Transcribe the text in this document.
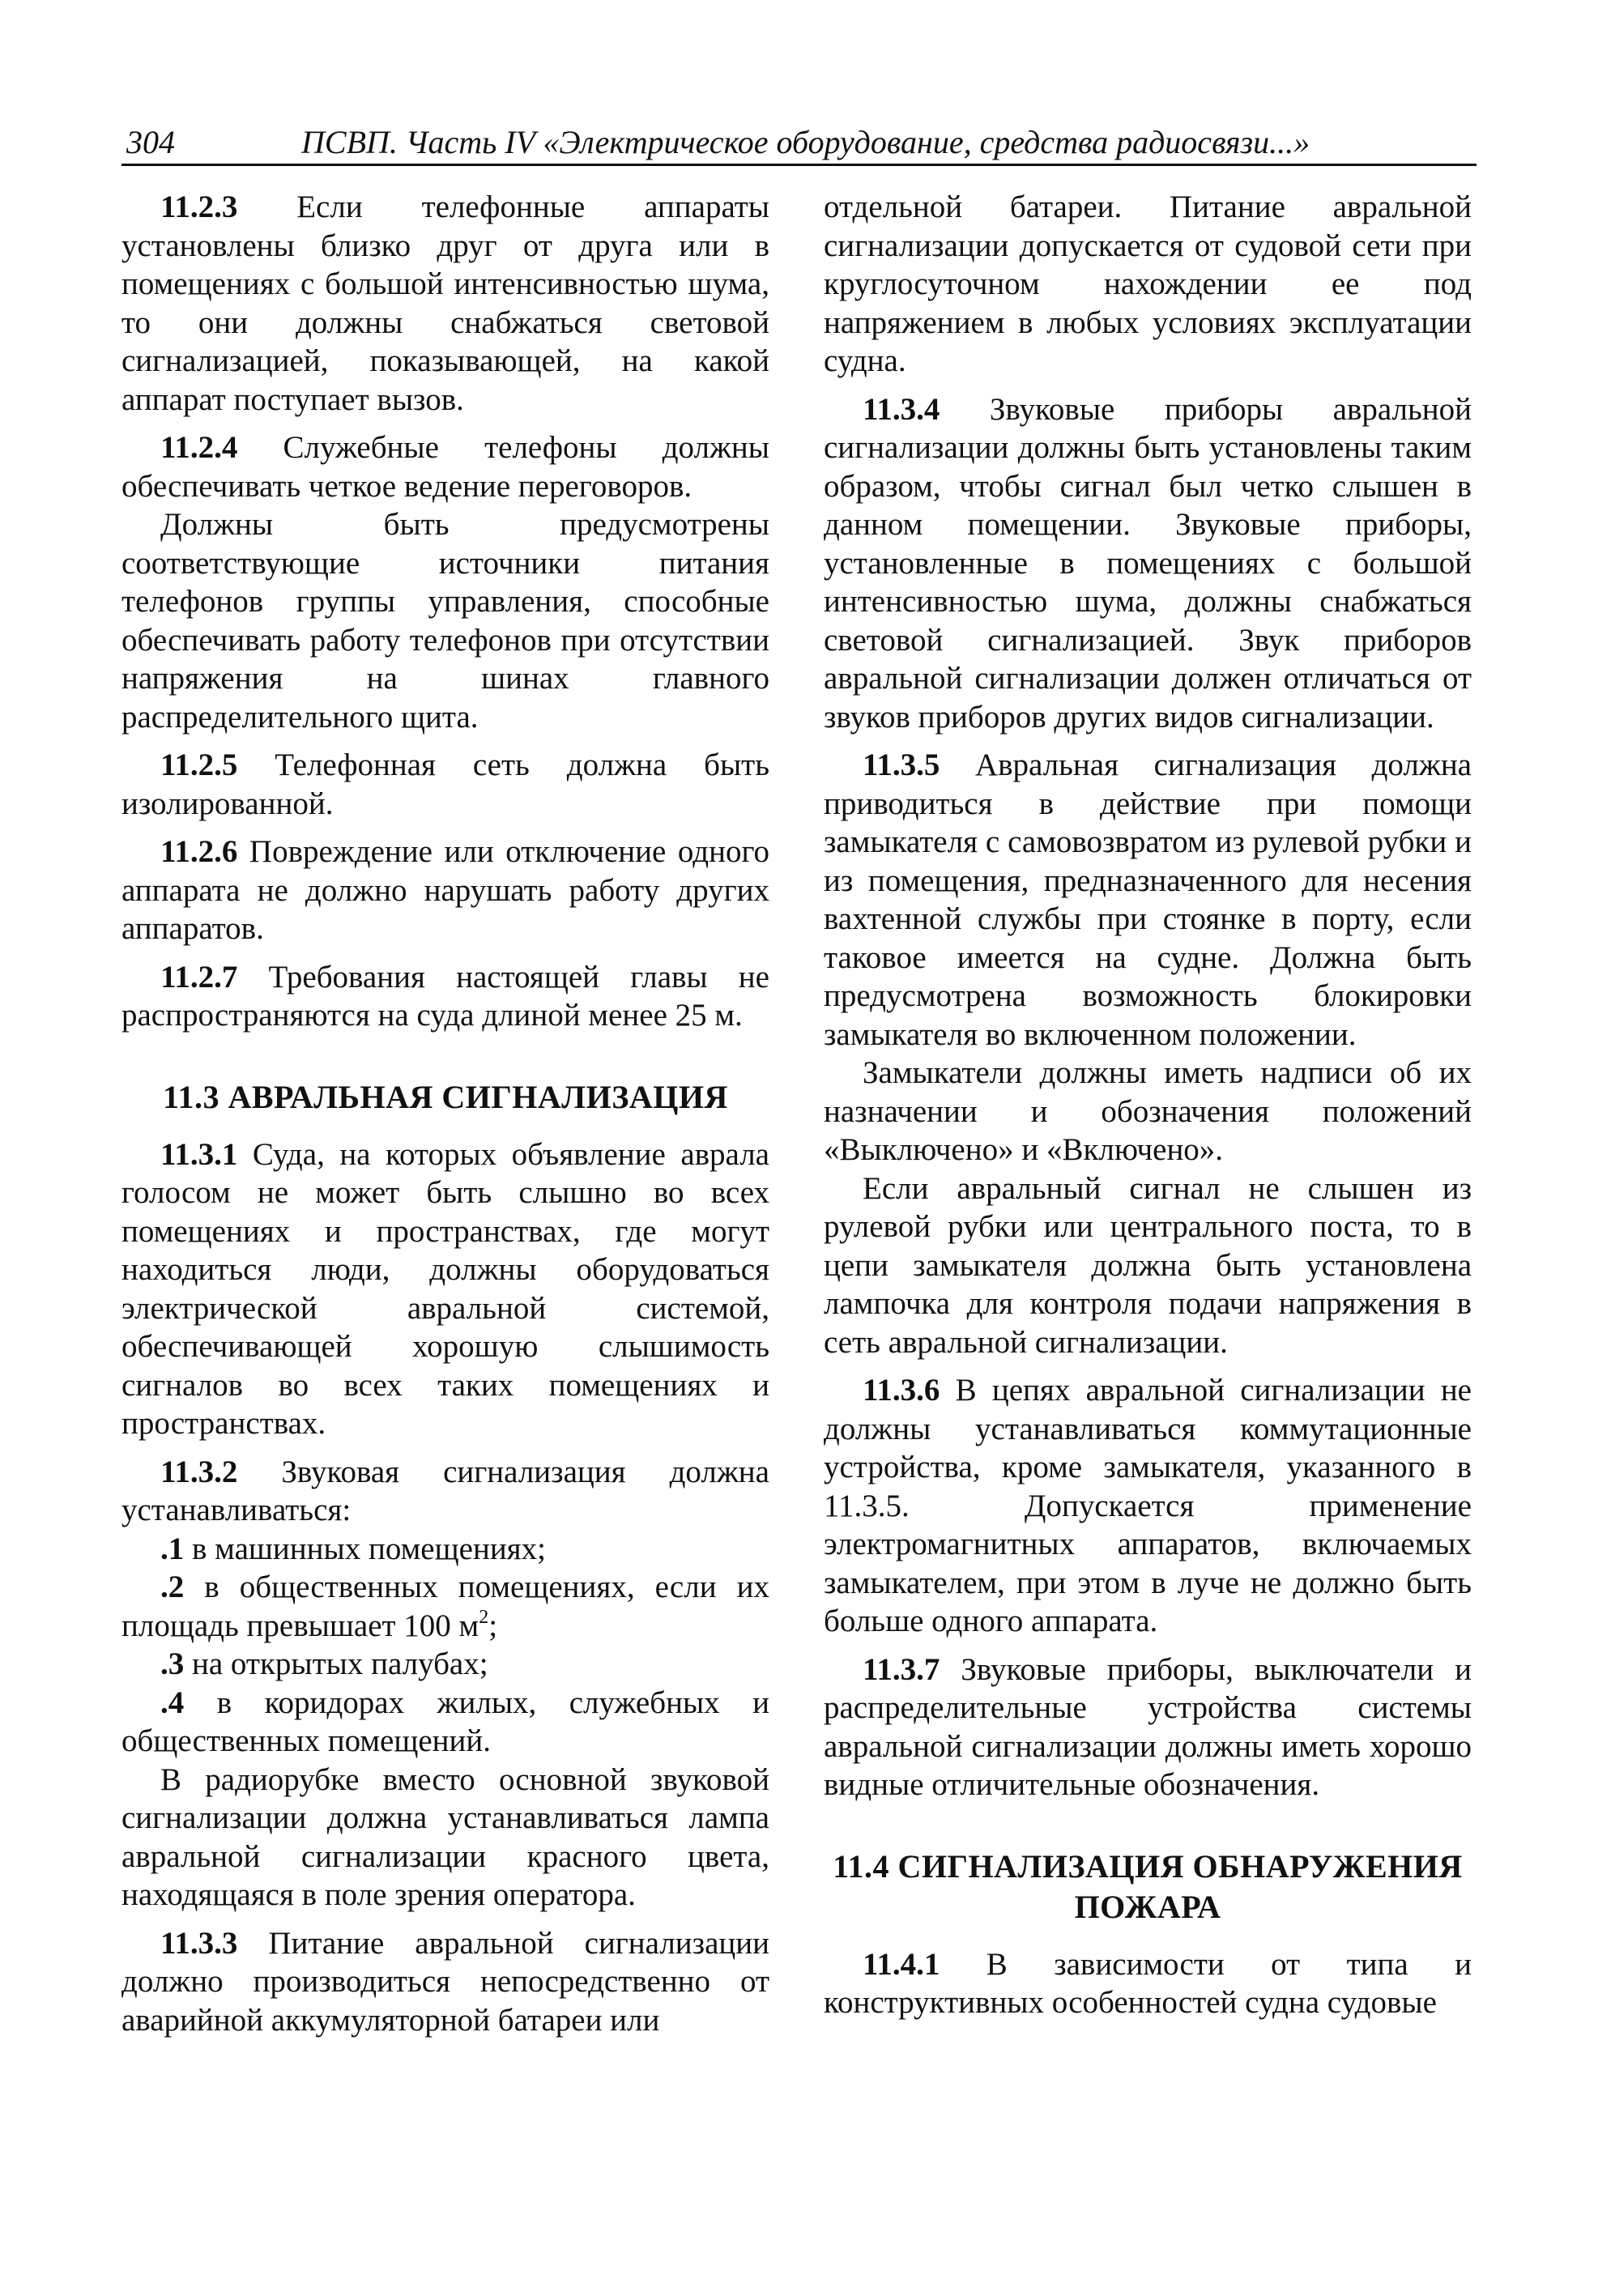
304	ПСВП. Часть IV «Электрическое оборудование, средства радиосвязи...»

11.2.3 Если телефонные аппараты установлены близко друг от друга или в помещениях с большой интенсивностью шума, то они должны снабжаться световой сигнализацией, показывающей, на какой аппарат поступает вызов.

11.2.4 Служебные телефоны должны обеспечивать четкое ведение переговоров.

Должны быть предусмотрены соответствующие источники питания телефонов группы управления, способные обеспечивать работу телефонов при отсутствии напряжения на шинах главного распределительного щита.

11.2.5 Телефонная сеть должна быть изолированной.

11.2.6 Повреждение или отключение одного аппарата не должно нарушать работу других аппаратов.

11.2.7 Требования настоящей главы не распространяются на суда длиной менее 25 м.

11.3 АВРАЛЬНАЯ СИГНАЛИЗАЦИЯ

11.3.1 Суда, на которых объявление аврала голосом не может быть слышно во всех помещениях и пространствах, где могут находиться люди, должны оборудоваться электрической авральной системой, обеспечивающей хорошую слышимость сигналов во всех таких помещениях и пространствах.

11.3.2 Звуковая сигнализация должна устанавливаться:

.1 в машинных помещениях;

.2 в общественных помещениях, если их площадь превышает 100 $м^2$;

.3 на открытых палубах;

.4 в коридорах жилых, служебных и общественных помещений.

В радиорубке вместо основной звуковой сигнализации должна устанавливаться лампа авральной сигнализации красного цвета, находящаяся в поле зрения оператора.

11.3.3 Питание авральной сигнализации должно производиться непосредственно от аварийной аккумуляторной батареи или

отдельной батареи. Питание авральной сигнализации допускается от судовой сети при круглосуточном нахождении ее под напряжением в любых условиях эксплуатации судна.

11.3.4 Звуковые приборы авральной сигнализации должны быть установлены таким образом, чтобы сигнал был четко слышен в данном помещении. Звуковые приборы, установленные в помещениях с большой интенсивностью шума, должны снабжаться световой сигнализацией. Звук приборов авральной сигнализации должен отличаться от звуков приборов других видов сигнализации.

11.3.5 Авральная сигнализация должна приводиться в действие при помощи замыкателя с самовозвратом из рулевой рубки и из помещения, предназначенного для несения вахтенной службы при стоянке в порту, если таковое имеется на судне. Должна быть предусмотрена возможность блокировки замыкателя во включенном положении.

Замыкатели должны иметь надписи об их назначении и обозначения положений «Выключено» и «Включено».

Если авральный сигнал не слышен из рулевой рубки или центрального поста, то в цепи замыкателя должна быть установлена лампочка для контроля подачи напряжения в сеть авральной сигнализации.

11.3.6 В цепях авральной сигнализации не должны устанавливаться коммутационные устройства, кроме замыкателя, указанного в 11.3.5. Допускается применение электромагнитных аппаратов, включаемых замыкателем, при этом в луче не должно быть больше одного аппарата.

11.3.7 Звуковые приборы, выключатели и распределительные устройства системы авральной сигнализации должны иметь хорошо видные отличительные обозначения.

11.4 СИГНАЛИЗАЦИЯ ОБНАРУЖЕНИЯ
ПОЖАРА

11.4.1 В зависимости от типа и конструктивных особенностей судна судовые
